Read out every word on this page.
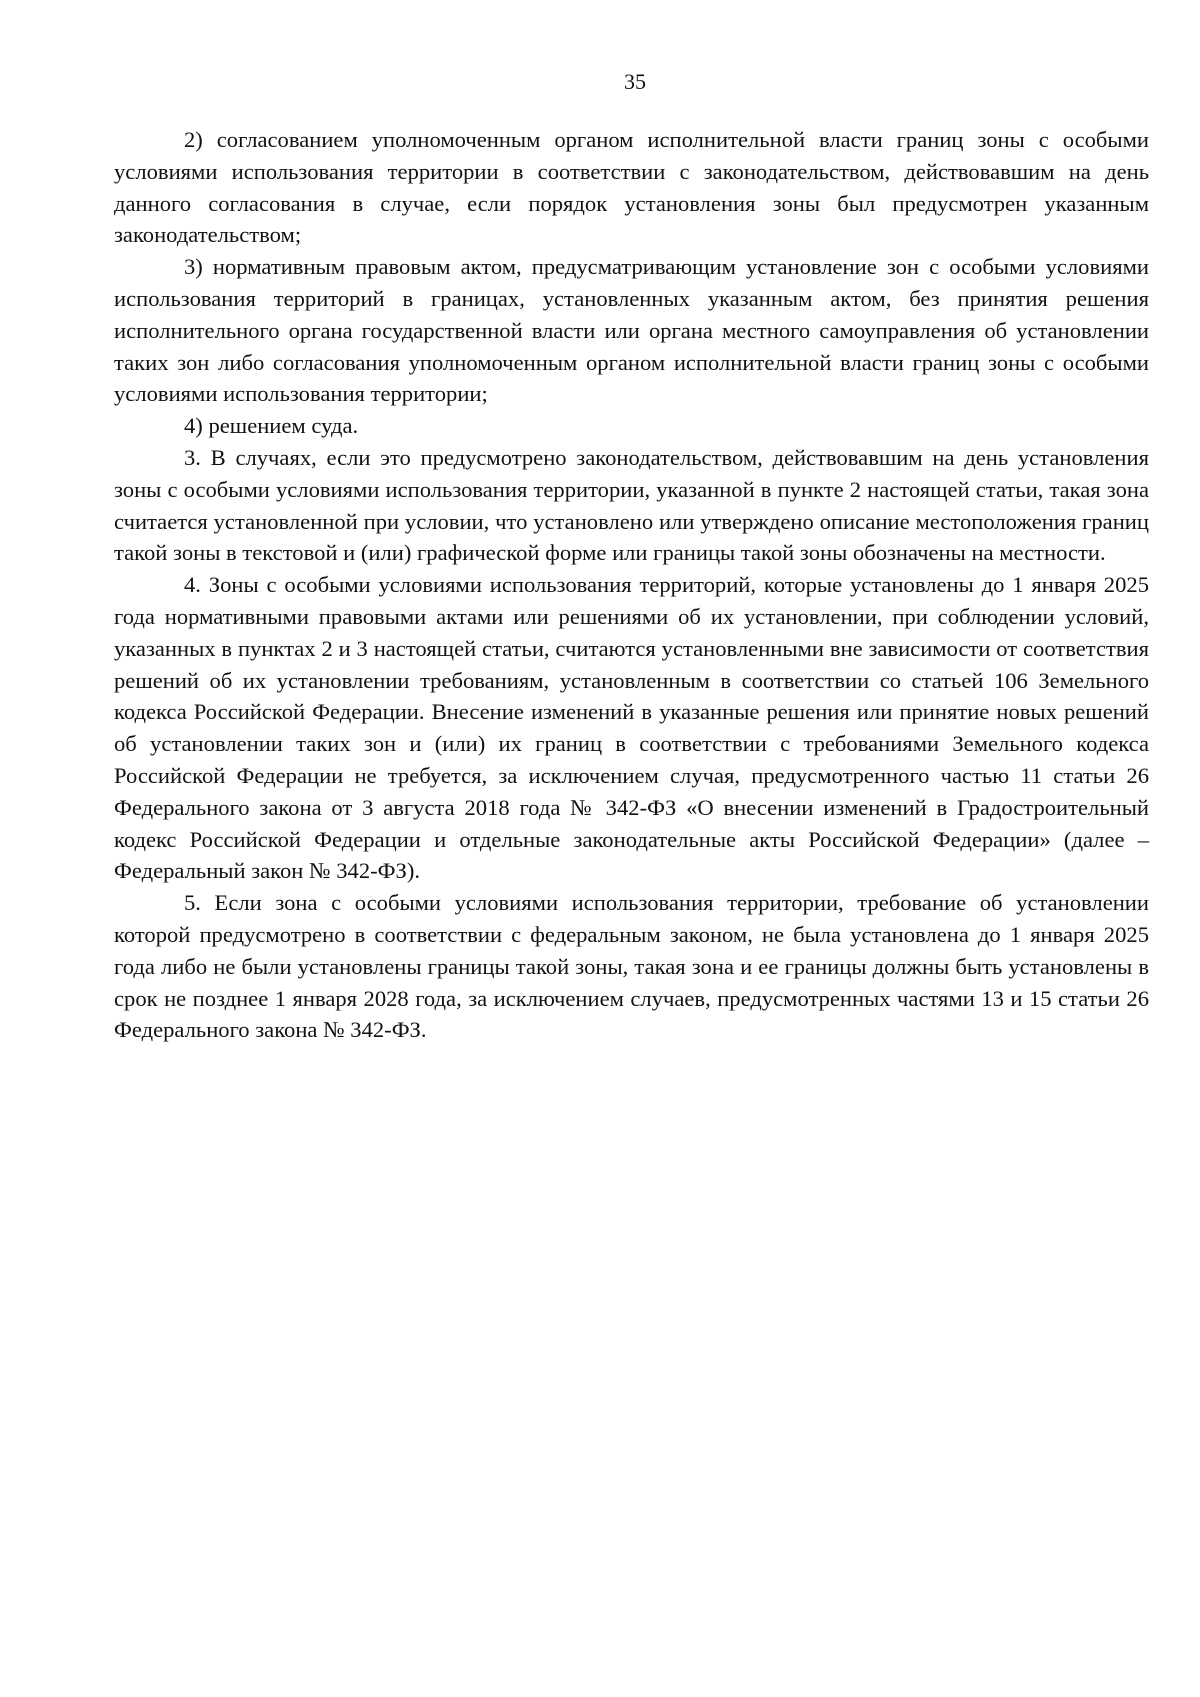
35

2) согласованием уполномоченным органом исполнительной власти границ зоны с особыми условиями использования территории в соответствии с законодательством, действовавшим на день данного согласования в случае, если порядок установления зоны был предусмотрен указанным законодательством;

3) нормативным правовым актом, предусматривающим установление зон с особыми условиями использования территорий в границах, установленных указанным актом, без принятия решения исполнительного органа государственной власти или органа местного самоуправления об установлении таких зон либо согласования уполномоченным органом исполнительной власти границ зоны с особыми условиями использования территории;

4) решением суда.

3. В случаях, если это предусмотрено законодательством, действовавшим на день установления зоны с особыми условиями использования территории, указанной в пункте 2 настоящей статьи, такая зона считается установленной при условии, что установлено или утверждено описание местоположения границ такой зоны в текстовой и (или) графической форме или границы такой зоны обозначены на местности.

4. Зоны с особыми условиями использования территорий, которые установлены до 1 января 2025 года нормативными правовыми актами или решениями об их установлении, при соблюдении условий, указанных в пунктах 2 и 3 настоящей статьи, считаются установленными вне зависимости от соответствия решений об их установлении требованиям, установленным в соответствии со статьей 106 Земельного кодекса Российской Федерации. Внесение изменений в указанные решения или принятие новых решений об установлении таких зон и (или) их границ в соответствии с требованиями Земельного кодекса Российской Федерации не требуется, за исключением случая, предусмотренного частью 11 статьи 26 Федерального закона от 3 августа 2018 года № 342-ФЗ «О внесении изменений в Градостроительный кодекс Российской Федерации и отдельные законодательные акты Российской Федерации» (далее – Федеральный закон № 342-ФЗ).

5. Если зона с особыми условиями использования территории, требование об установлении которой предусмотрено в соответствии с федеральным законом, не была установлена до 1 января 2025 года либо не были установлены границы такой зоны, такая зона и ее границы должны быть установлены в срок не позднее 1 января 2028 года, за исключением случаев, предусмотренных частями 13 и 15 статьи 26 Федерального закона № 342-ФЗ.
